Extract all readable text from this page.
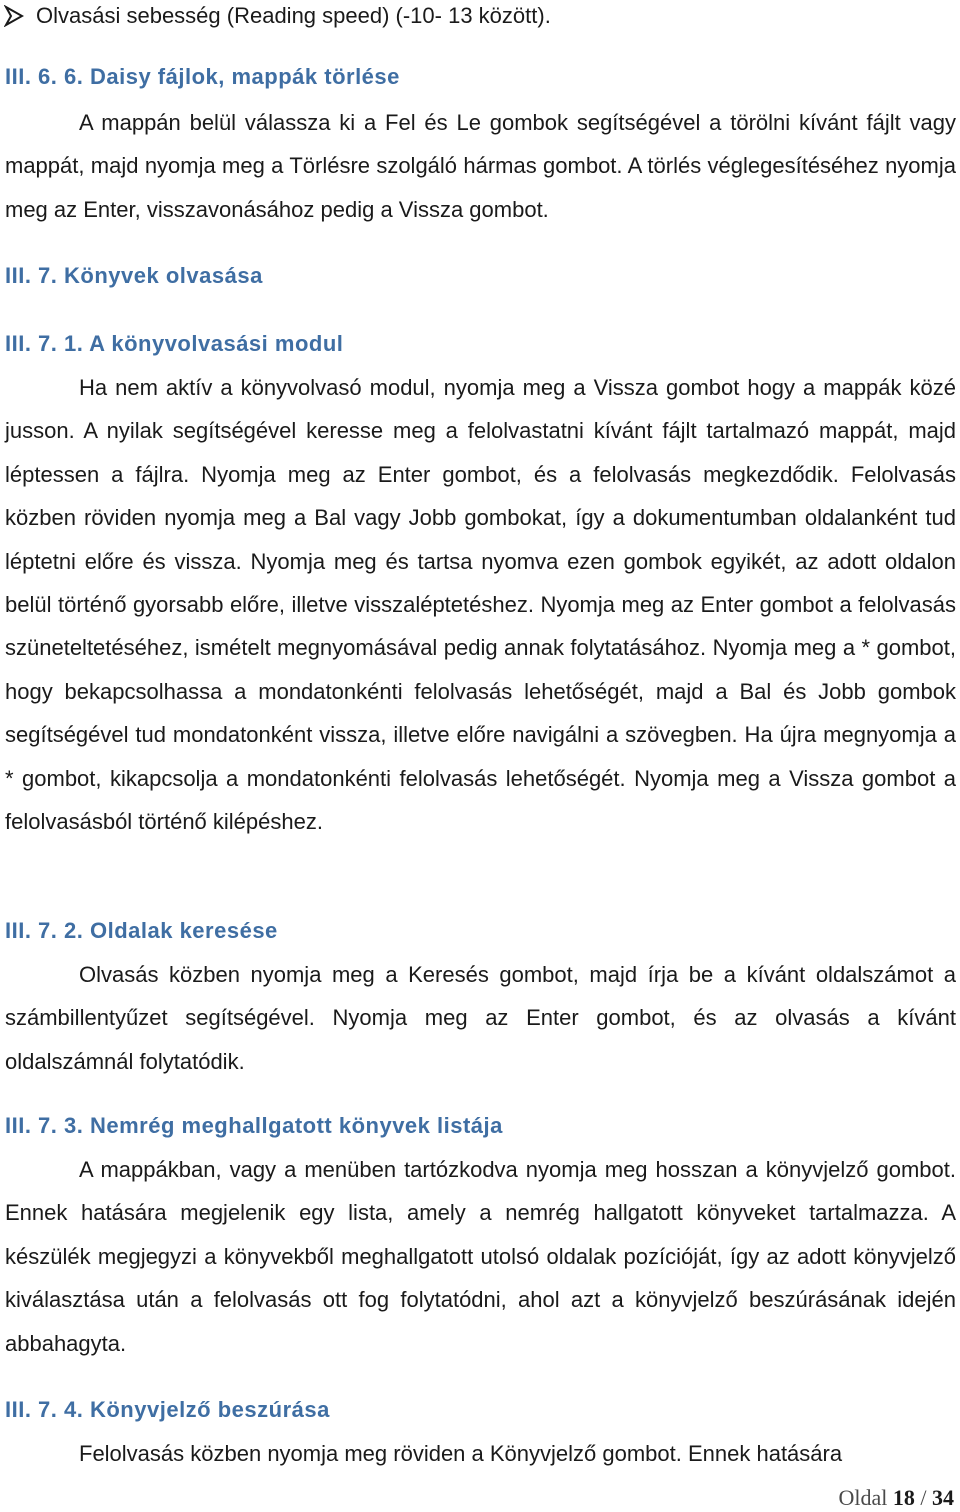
Olvasási sebesség (Reading speed) (-10- 13 között).
III. 6. 6. Daisy fájlok, mappák törlése

A mappán belül válassza ki a Fel és Le gombok segítségével a törölni kívánt fájlt vagy mappát, majd nyomja meg a Törlésre szolgáló hármas gombot. A törlés véglegesítéséhez nyomja meg az Enter, visszavonásához pedig a Vissza gombot.

III. 7. Könyvek olvasása
III. 7. 1. A könyvolvasási modul

Ha nem aktív a könyvolvasó modul, nyomja meg a Vissza gombot hogy a mappák közé jusson. A nyilak segítségével keresse meg a felolvastatni kívánt fájlt tartalmazó mappát, majd léptessen a fájlra. Nyomja meg az Enter gombot, és a felolvasás megkezdődik. Felolvasás közben röviden nyomja meg a Bal vagy Jobb gombokat, így a dokumentumban oldalanként tud léptetni előre és vissza. Nyomja meg és tartsa nyomva ezen gombok egyikét, az adott oldalon belül történő gyorsabb előre, illetve visszaléptetéshez. Nyomja meg az Enter gombot a felolvasás szüneteltetéséhez, ismételt megnyomásával pedig annak folytatásához. Nyomja meg a * gombot, hogy bekapcsolhassa a mondatonkénti felolvasás lehetőségét, majd a Bal és Jobb gombok segítségével tud mondatonként vissza, illetve előre navigálni a szövegben. Ha újra megnyomja a * gombot, kikapcsolja a mondatonkénti felolvasás lehetőségét. Nyomja meg a Vissza gombot a felolvasásból történő kilépéshez.

III. 7. 2. Oldalak keresése

Olvasás közben nyomja meg a Keresés gombot, majd írja be a kívánt oldalszámot a számbillentyűzet segítségével. Nyomja meg az Enter gombot, és az olvasás a kívánt oldalszámnál folytatódik.

III. 7. 3. Nemrég meghallgatott könyvek listája

A mappákban, vagy a menüben tartózkodva nyomja meg hosszan a könyvjelző gombot. Ennek hatására megjelenik egy lista, amely a nemrég hallgatott könyveket tartalmazza. A készülék megjegyzi a könyvekből meghallgatott utolsó oldalak pozícióját, így az adott könyvjelző kiválasztása után a felolvasás ott fog folytatódni, ahol azt a könyvjelző beszúrásának idején abbahagyta.

III. 7. 4. Könyvjelző beszúrása

Felolvasás közben nyomja meg röviden a Könyvjelző gombot. Ennek hatására

Oldal 18 / 34
